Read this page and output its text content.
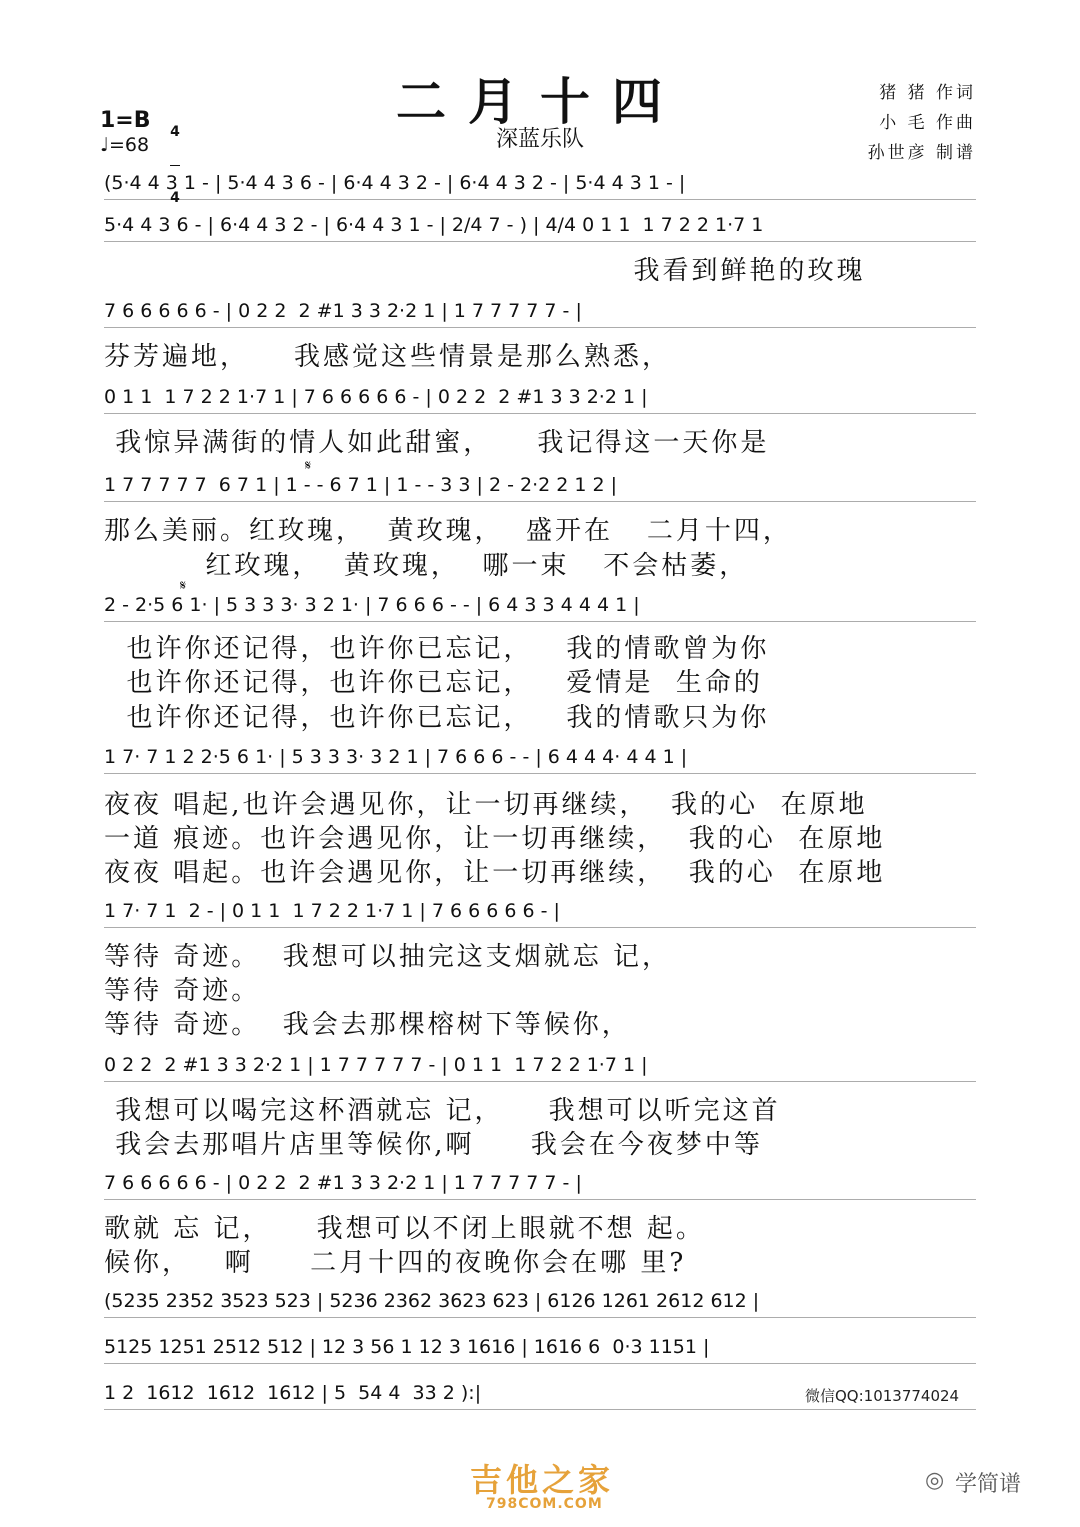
二月十四
深蓝乐队
猪 猪 作词
小 毛 作曲
孙世彦 制谱
1=B

4

4

♩=68
(5·4 4 3 1 - | 5·4 4 3 6 - | 6·4 4 3 2 - | 6·4 4 3 2 - | 5·4 4 3 1 - |
5·4 4 3 6 - | 6·4 4 3 2 - | 6·4 4 3 1 - | 2/4 7 - ) | 4/4 0 1 1  1 7 2 2 1·7 1
我看到鲜艳的玫瑰
7 6 6 6 6 6 - | 0 2 2  2 #1 3 3 2·2 1 | 1 7 7 7 7 7 - |
芬芳遍地，    我感觉这些情景是那么熟悉，
0 1 1  1 7 2 2 1·7 1 | 7 6 6 6 6 6 - | 0 2 2  2 #1 3 3 2·2 1 |
我惊异满街的情人如此甜蜜，    我记得这一天你是
1 7 7 7 7 7  6 7 1 | 1 - - 6 7 1 | 1 - - 3 3 | 2 - 2·2 2 1 2 |
那么美丽。红玫瑰，  黄玫瑰，  盛开在   二月十四，
红玫瑰，  黄玫瑰，  哪一束   不会枯萎，
2 - 2·5 6 1· | 5 3 3 3· 3 2 1· | 7 6 6 6 - - | 6 4 3 3 4 4 4 1 |
也许你还记得，也许你已忘记，   我的情歌曾为你
也许你还记得，也许你已忘记，   爱情是  生命的
也许你还记得，也许你已忘记，   我的情歌只为你
1 7· 7 1 2 2·5 6 1· | 5 3 3 3· 3 2 1 | 7 6 6 6 - - | 6 4 4 4· 4 4 1 |
夜夜 唱起,也许会遇见你，让一切再继续，  我的心  在原地
一道 痕迹。也许会遇见你，让一切再继续，  我的心  在原地
夜夜 唱起。也许会遇见你，让一切再继续，  我的心  在原地
1 7· 7 1  2 - | 0 1 1  1 7 2 2 1·7 1 | 7 6 6 6 6 6 - |
等待 奇迹。  我想可以抽完这支烟就忘 记，
等待 奇迹。
等待 奇迹。  我会去那棵榕树下等候你，
0 2 2  2 #1 3 3 2·2 1 | 1 7 7 7 7 7 - | 0 1 1  1 7 2 2 1·7 1 |
我想可以喝完这杯酒就忘 记，    我想可以听完这首
我会去那唱片店里等候你,啊     我会在今夜梦中等
7 6 6 6 6 6 - | 0 2 2  2 #1 3 3 2·2 1 | 1 7 7 7 7 7 - |
歌就 忘 记，    我想可以不闭上眼就不想 起。
候你，   啊     二月十四的夜晚你会在哪 里?
(5235 2352 3523 523 | 5236 2362 3623 623 | 6126 1261 2612 612 |
5125 1251 2512 512 | 12 3 56 1 12 3 1616 | 1616 6  0·3 1151 |
1 2  1612  1612  1612 | 5  54 4  33 2 ):|
𝄋
𝄋
微信QQ:1013774024
吉他之家
798COM.COM
◎ 学简谱
